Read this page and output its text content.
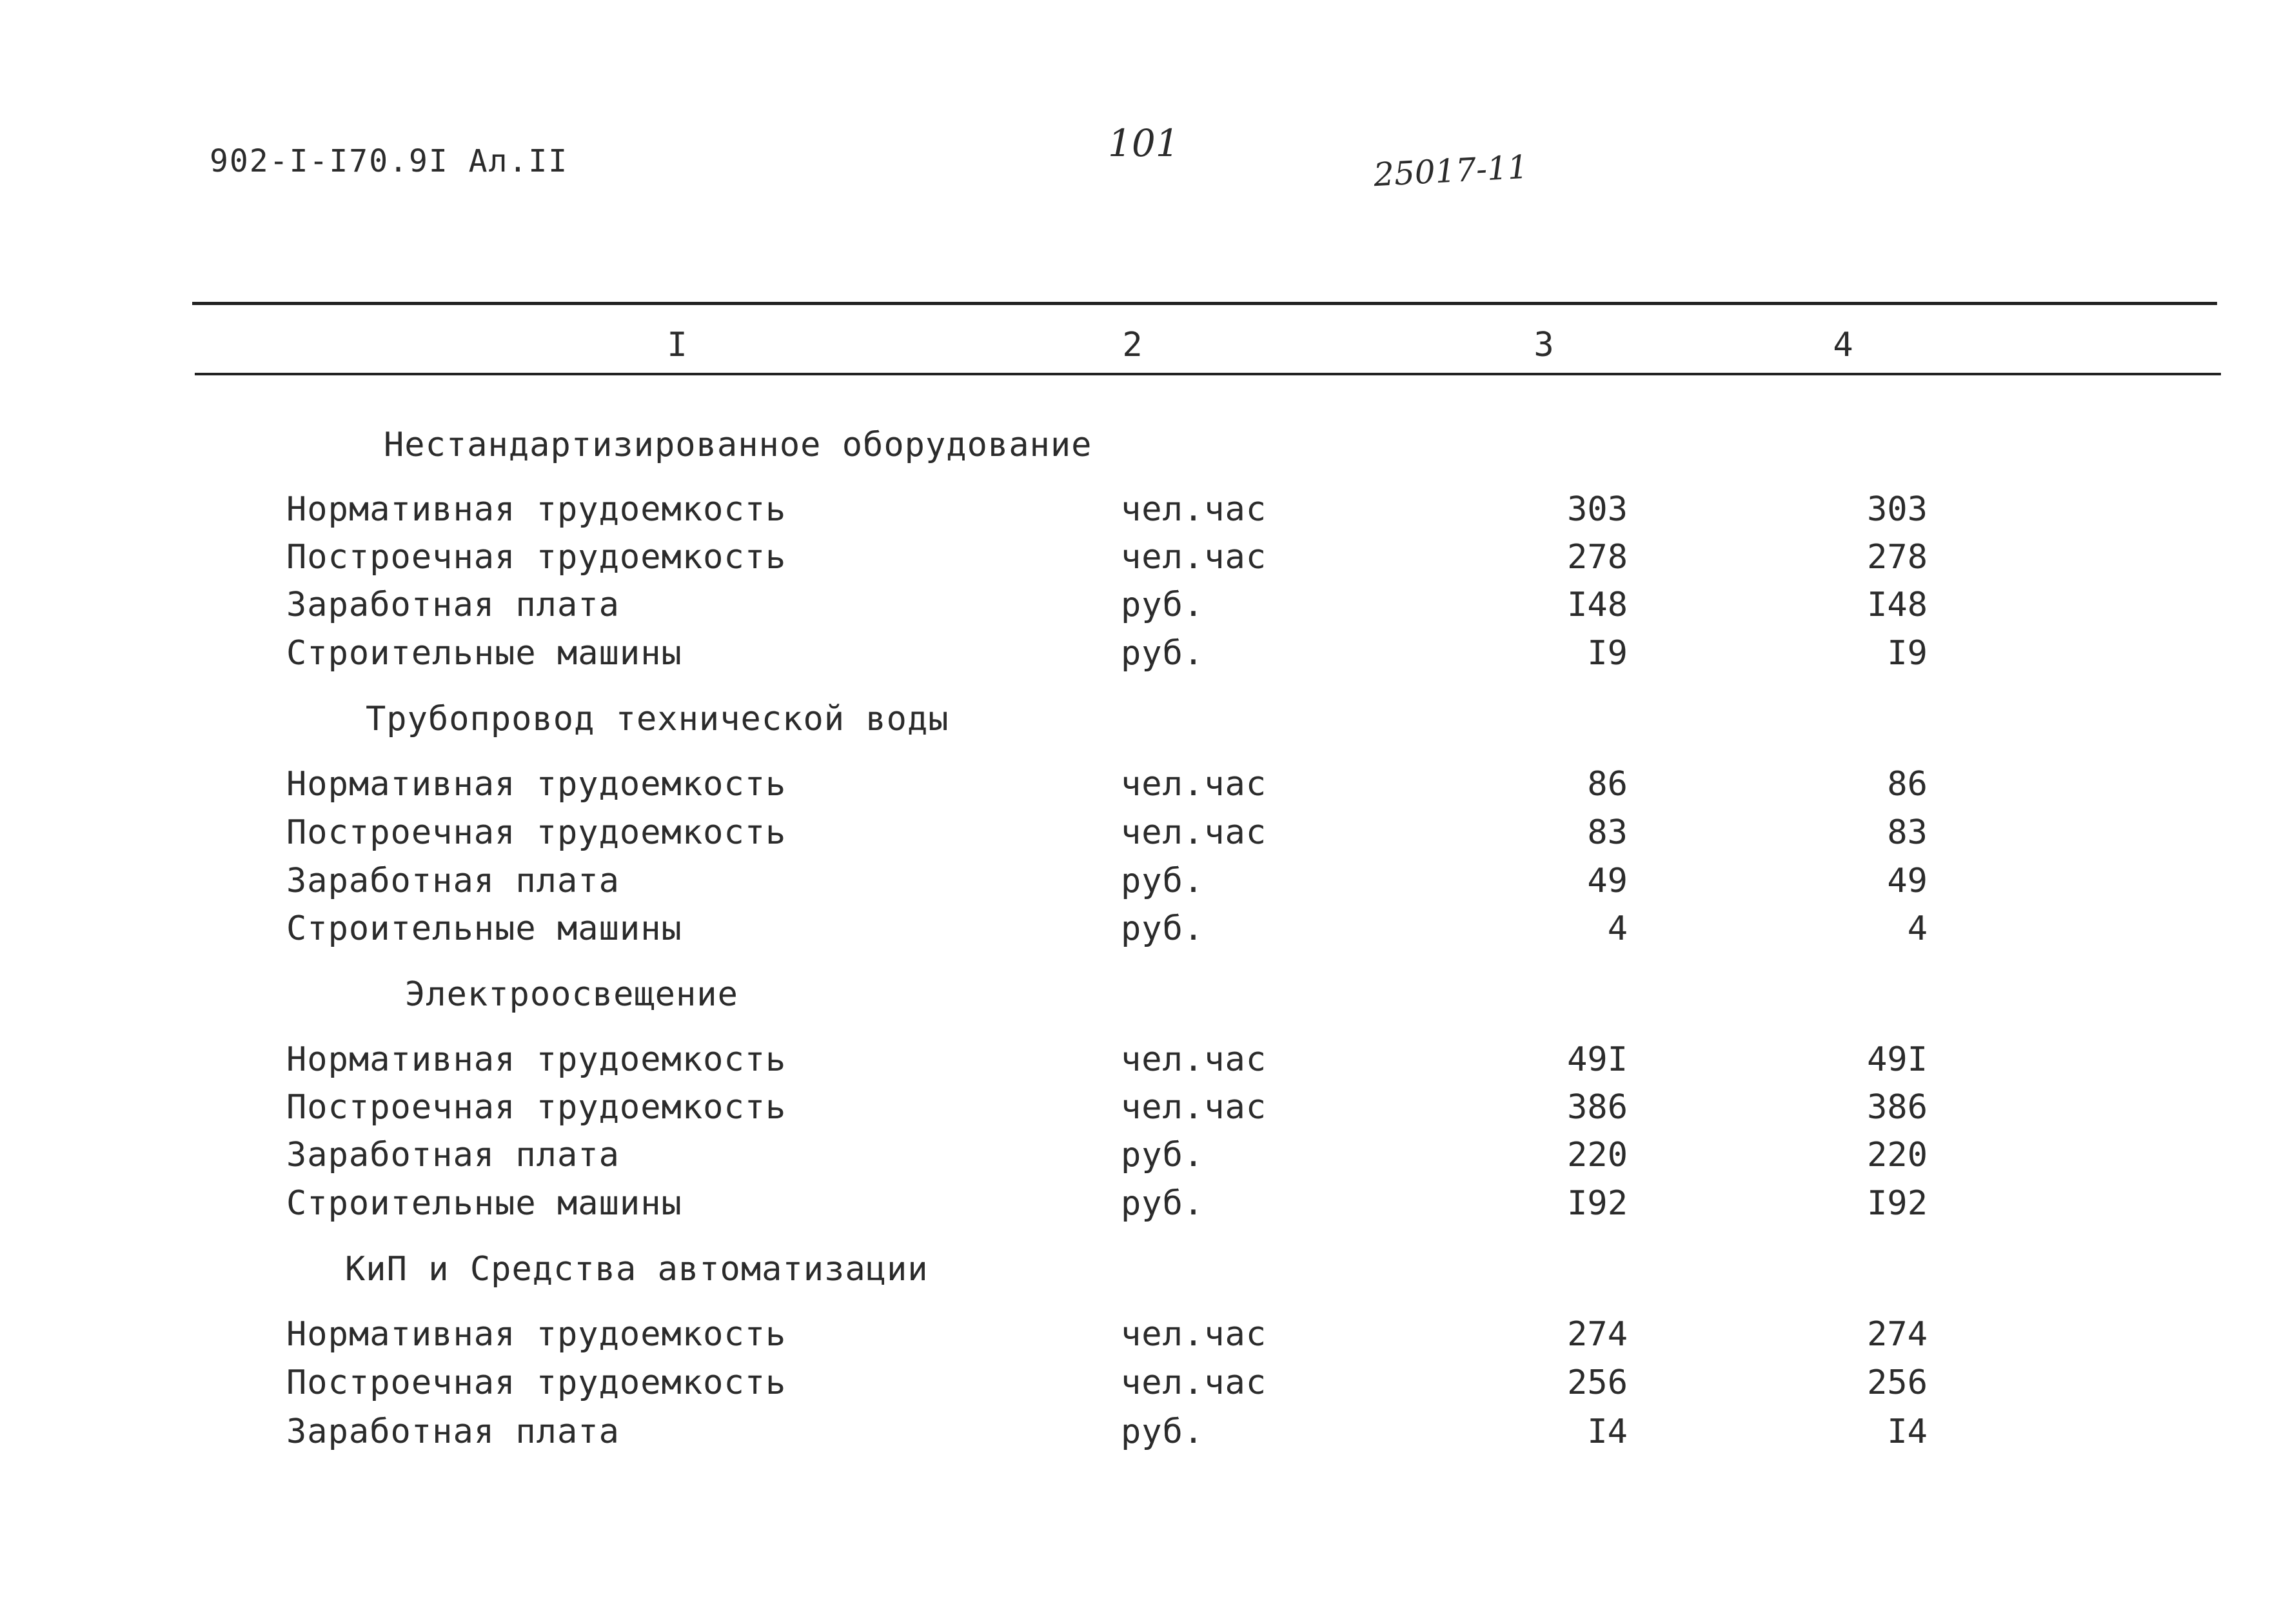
902-I-I70.9I Ал.II	101
25017-11
I	2	3	4
Нестандартизированное оборудование
Нормативная трудоемкость	чел.час	303	303
Построечная трудоемкость	чел.час	278	278
Заработная плата	руб.	I48	I48
Строительные машины	руб.	I9	I9
Трубопровод технической воды
Нормативная трудоемкость	чел.час	86	86
Построечная трудоемкость	чел.час	83	83
Заработная плата	руб.	49	49
Строительные машины	руб.	4	4
Электроосвещение
Нормативная трудоемкость	чел.час	49I	49I
Построечная трудоемкость	чел.час	386	386
Заработная плата	руб.	220	220
Строительные машины	руб.	I92	I92
КиП и Средства автоматизации
Нормативная трудоемкость	чел.час	274	274
Построечная трудоемкость	чел.час	256	256
Заработная плата	руб.	I4	I4
